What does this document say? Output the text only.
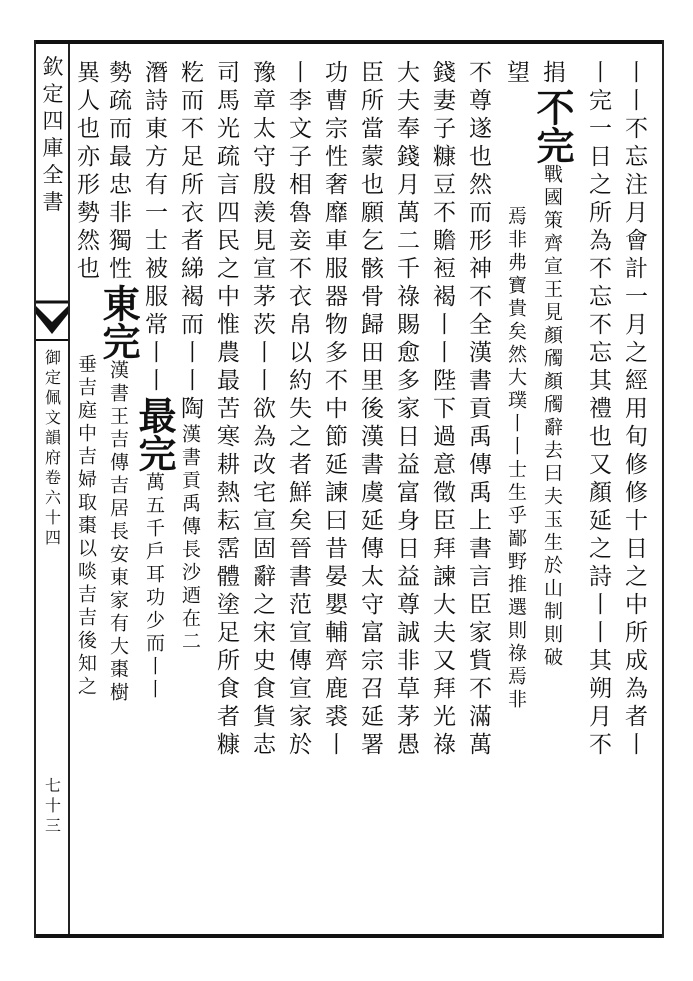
欽
定
四
庫
全
書
御
定
佩
文
韻
府
卷
六
十
四
七
十
三
丨丨不忘注月會計一月之經用旬修修十日之中所成為者丨
丨完一日之所為不忘不忘其禮也又顏延之詩丨丨其朔月不
捐不完戰國策齊宣王見顏斶顏斶辭去曰夫玉生於山制則破
望焉非弗寶貴矣然大璞丨丨士生乎鄙野推選則祿焉非
不尊遂也然而形神不全漢書貢禹傳禹上書言臣家貲不滿萬
錢妻子糠豆不贍裋褐丨丨陛下過意徵臣拜諫大夫又拜光祿
大夫奉錢月萬二千祿賜愈多家日益富身日益尊誠非草茅愚
臣所當蒙也願乞骸骨歸田里後漢書虞延傳太守富宗召延署
功曹宗性奢靡車服器物多不中節延諫曰昔晏嬰輔齊鹿裘丨
丨李文子相魯妾不衣帛以約失之者鮮矣晉書范宣傳宣家於
豫章太守殷羨見宣茅茨丨丨欲為改宅宣固辭之宋史食貨志
司馬光疏言四民之中惟農最苦寒耕熱耘霑體塗足所食者糠
籺而不足所衣者綈褐而丨丨陶漢書貢禹傳長沙迺在二
潛詩東方有一士被服常丨丨最完萬五千戶耳功少而丨丨
勢疏而最忠非獨性東完漢書王吉傳吉居長安東家有大棗樹
異人也亦形勢然也垂吉庭中吉婦取棗以啖吉吉後知之
